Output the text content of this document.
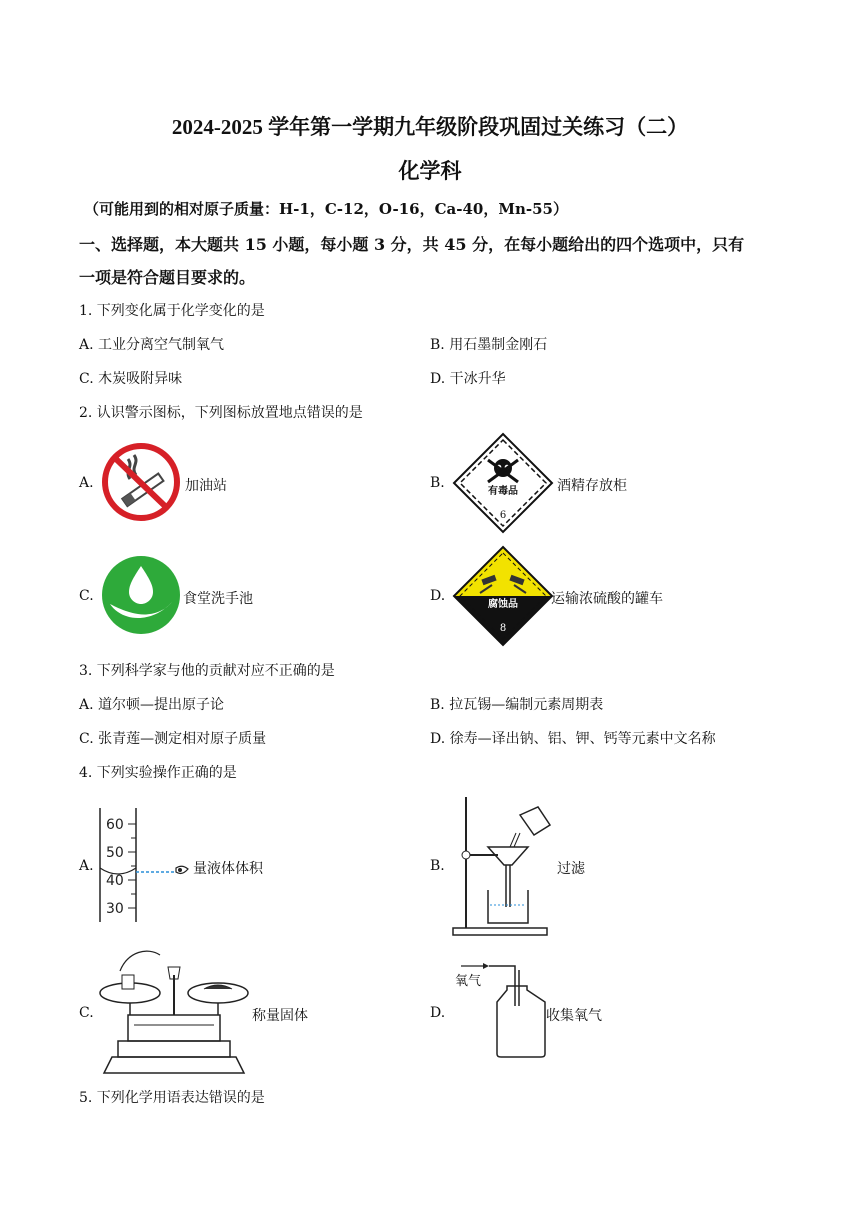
2024-2025 学年第一学期九年级阶段巩固过关练习（二）
化学科
（可能用到的相对原子质量：H-1，C-12，O-16，Ca-40，Mn-55）
一、选择题，本大题共 15 小题，每小题 3 分，共 45 分，在每小题给出的四个选项中，只有
一项是符合题目要求的。
1. 下列变化属于化学变化的是
A. 工业分离空气制氧气	B. 用石墨制金刚石
C. 木炭吸附异味	D. 干冰升华
2. 认识警示图标，下列图标放置地点错误的是
A.	加油站	B.
有毒品
6
酒精存放柜
C.	食堂洗手池	D.
腐蚀品
8
运输浓硫酸的罐车
3. 下列科学家与他的贡献对应不正确的是
A. 道尔顿—提出原子论	B. 拉瓦锡—编制元素周期表
C. 张青莲—测定相对原子质量	D. 徐寿—译出钠、铝、钾、钙等元素中文名称
4. 下列实验操作正确的是
A.
60
50
40
30
量液体体积	B.	过滤
C.	称量固体	D.
氧气
收集氧气
5. 下列化学用语表达错误的是
